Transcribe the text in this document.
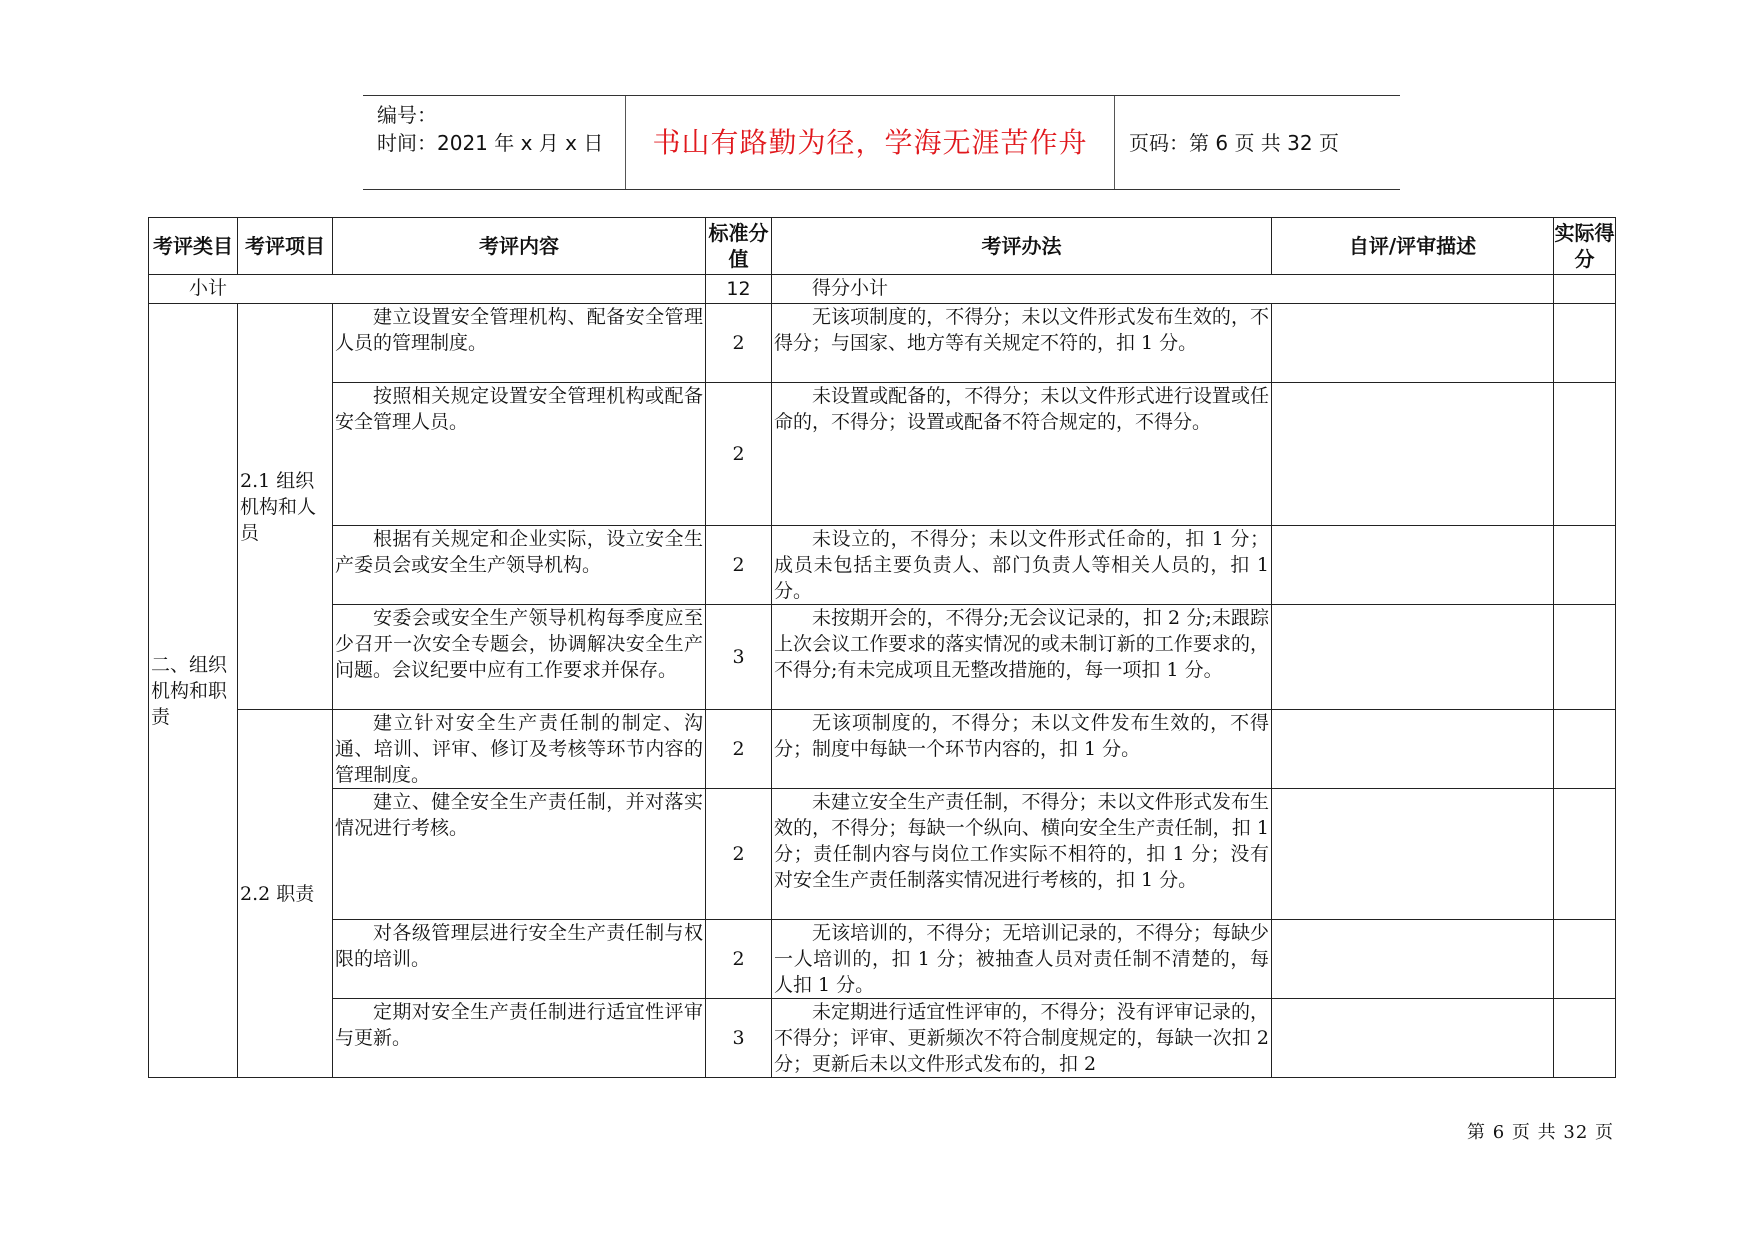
编号：
时间：2021 年 x 月 x 日	书山有路勤为径，学海无涯苦作舟	页码：第 6 页 共 32 页
考评类目	考评项目	考评内容	标准分值	考评办法	自评/评审描述	实际得分
小计			12	得分小计		
二、组织机构和职责	2.1 组织机构和人员	建立设置安全管理机构、配备安全管理人员的管理制度。	2	无该项制度的，不得分；未以文件形式发布生效的，不得分；与国家、地方等有关规定不符的，扣 1 分。		
		按照相关规定设置安全管理机构或配备安全管理人员。	2	未设置或配备的，不得分；未以文件形式进行设置或任命的，不得分；设置或配备不符合规定的，不得分。		
		根据有关规定和企业实际，设立安全生产委员会或安全生产领导机构。	2	未设立的，不得分；未以文件形式任命的，扣 1 分；成员未包括主要负责人、部门负责人等相关人员的，扣 1 分。		
		安委会或安全生产领导机构每季度应至少召开一次安全专题会，协调解决安全生产问题。会议纪要中应有工作要求并保存。	3	未按期开会的，不得分;无会议记录的，扣 2 分;未跟踪上次会议工作要求的落实情况的或未制订新的工作要求的，不得分;有未完成项且无整改措施的，每一项扣 1 分。		
	2.2 职责	建立针对安全生产责任制的制定、沟通、培训、评审、修订及考核等环节内容的管理制度。	2	无该项制度的，不得分；未以文件发布生效的，不得分；制度中每缺一个环节内容的，扣 1 分。		
		建立、健全安全生产责任制，并对落实情况进行考核。	2	未建立安全生产责任制，不得分；未以文件形式发布生效的，不得分；每缺一个纵向、横向安全生产责任制，扣 1 分；责任制内容与岗位工作实际不相符的，扣 1 分；没有对安全生产责任制落实情况进行考核的，扣 1 分。		
		对各级管理层进行安全生产责任制与权限的培训。	2	无该培训的，不得分；无培训记录的，不得分；每缺少一人培训的，扣 1 分；被抽查人员对责任制不清楚的，每人扣 1 分。		
		定期对安全生产责任制进行适宜性评审与更新。	3	未定期进行适宜性评审的，不得分；没有评审记录的，不得分；评审、更新频次不符合制度规定的，每缺一次扣 2 分；更新后未以文件形式发布的，扣 2		
第 6 页 共 32 页
